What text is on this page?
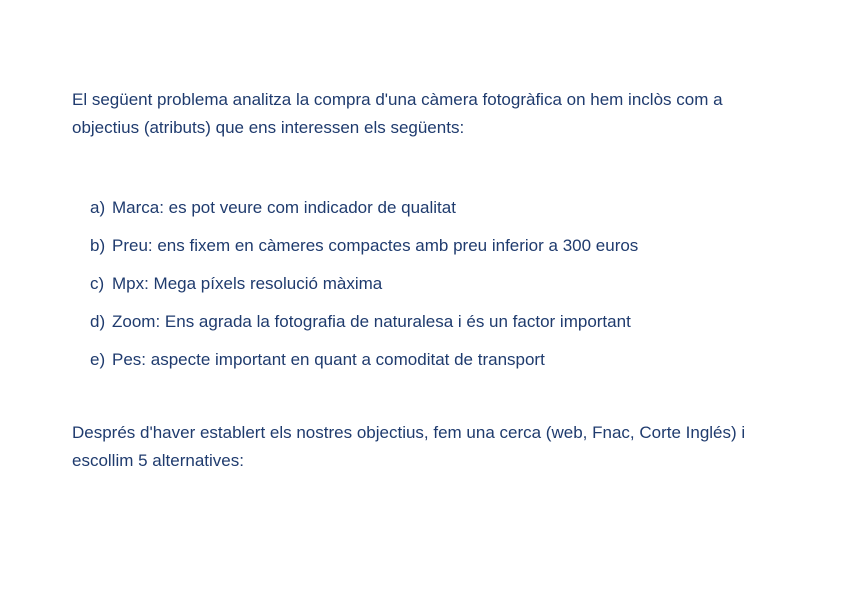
El següent problema analitza la compra d'una càmera fotogràfica on hem inclòs com a objectius (atributs) que ens interessen els següents:

a) Marca: es pot veure com indicador de qualitat
b) Preu: ens fixem en càmeres compactes amb preu inferior a 300 euros
c) Mpx: Mega píxels resolució màxima
d) Zoom: Ens agrada la fotografia de naturalesa i és un factor important
e) Pes: aspecte important en quant a comoditat de transport

Després d'haver establert els nostres objectius, fem una cerca (web, Fnac, Corte Inglés) i escollim 5 alternatives:
